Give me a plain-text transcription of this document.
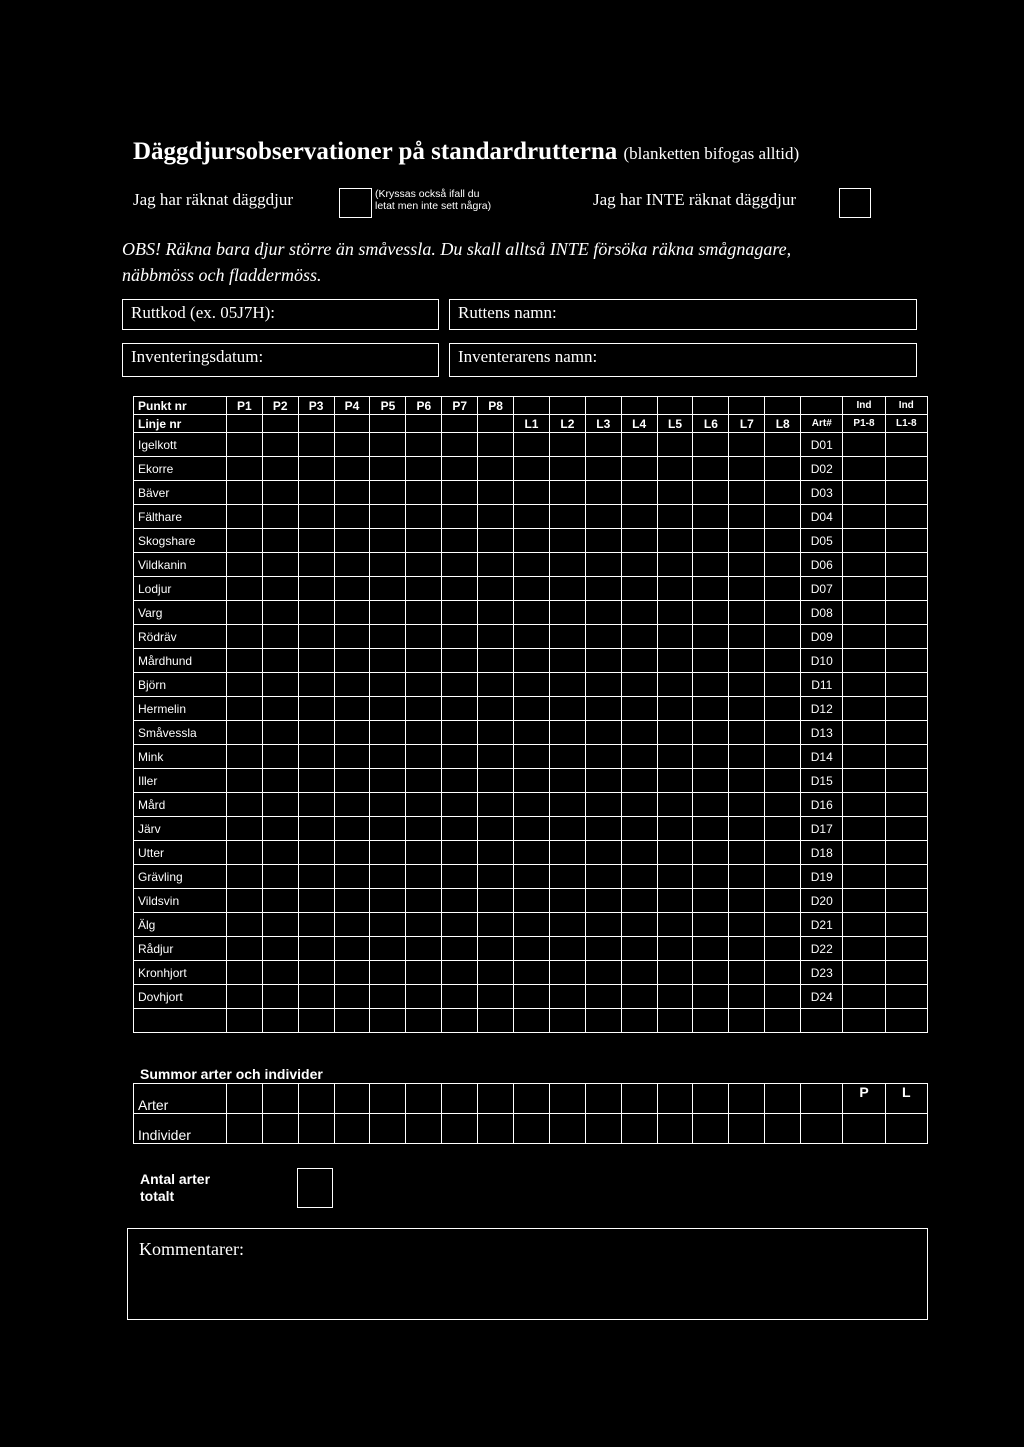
Däggdjursobservationer på standardrutterna (blanketten bifogas alltid)
Jag har räknat däggdjur	(Kryssas också ifall du
letat men inte sett några)	Jag har INTE räknat däggdjur
OBS! Räkna bara djur större än småvessla. Du skall alltså INTE försöka räkna smågnagare,
näbbmöss och fladdermöss.
Ruttkod (ex. 05J7H):	Ruttens namn:
Inventeringsdatum:	Inventerarens namn:
Punkt nr	P1	P2	P3	P4	P5	P6	P7	P8										Ind	Ind
Linje nr									L1	L2	L3	L4	L5	L6	L7	L8	Art#	P1-8	L1-8
Igelkott																	D01		
Ekorre																	D02		
Bäver																	D03		
Fälthare																	D04		
Skogshare																	D05		
Vildkanin																	D06		
Lodjur																	D07		
Varg																	D08		
Rödräv																	D09		
Mårdhund																	D10		
Björn																	D11		
Hermelin																	D12		
Småvessla																	D13		
Mink																	D14		
Iller																	D15		
Mård																	D16		
Järv																	D17		
Utter																	D18		
Grävling																	D19		
Vildsvin																	D20		
Älg																	D21		
Rådjur																	D22		
Kronhjort																	D23		
Dovhjort																	D24		

Summor arter och individer
Arter																		P	L
Individer																			
Antal arter
totalt
Kommentarer:
